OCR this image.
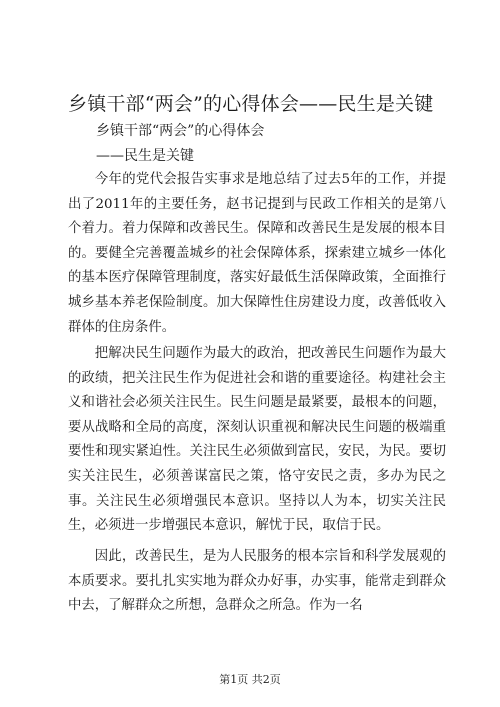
乡镇干部“两会”的心得体会——民生是关键
乡镇干部“两会”的心得体会
——民生是关键

今年的党代会报告实事求是地总结了过去5年的工作，并提出了2011年的主要任务，赵书记提到与民政工作相关的是第八个着力。着力保障和改善民生。保障和改善民生是发展的根本目的。要健全完善覆盖城乡的社会保障体系，探索建立城乡一体化的基本医疗保障管理制度，落实好最低生活保障政策，全面推行城乡基本养老保险制度。加大保障性住房建设力度，改善低收入群体的住房条件。

把解决民生问题作为最大的政治，把改善民生问题作为最大的政绩，把关注民生作为促进社会和谐的重要途径。构建社会主义和谐社会必须关注民生。民生问题是最紧要，最根本的问题，要从战略和全局的高度，深刻认识重视和解决民生问题的极端重要性和现实紧迫性。关注民生必须做到富民，安民，为民。要切实关注民生，必须善谋富民之策，恪守安民之责，多办为民之事。关注民生必须增强民本意识。坚持以人为本，切实关注民生，必须进一步增强民本意识，解忧于民，取信于民。

因此，改善民生，是为人民服务的根本宗旨和科学发展观的本质要求。要扎扎实实地为群众办好事，办实事，能常走到群众中去，了解群众之所想，急群众之所急。作为一名

第1页 共2页
